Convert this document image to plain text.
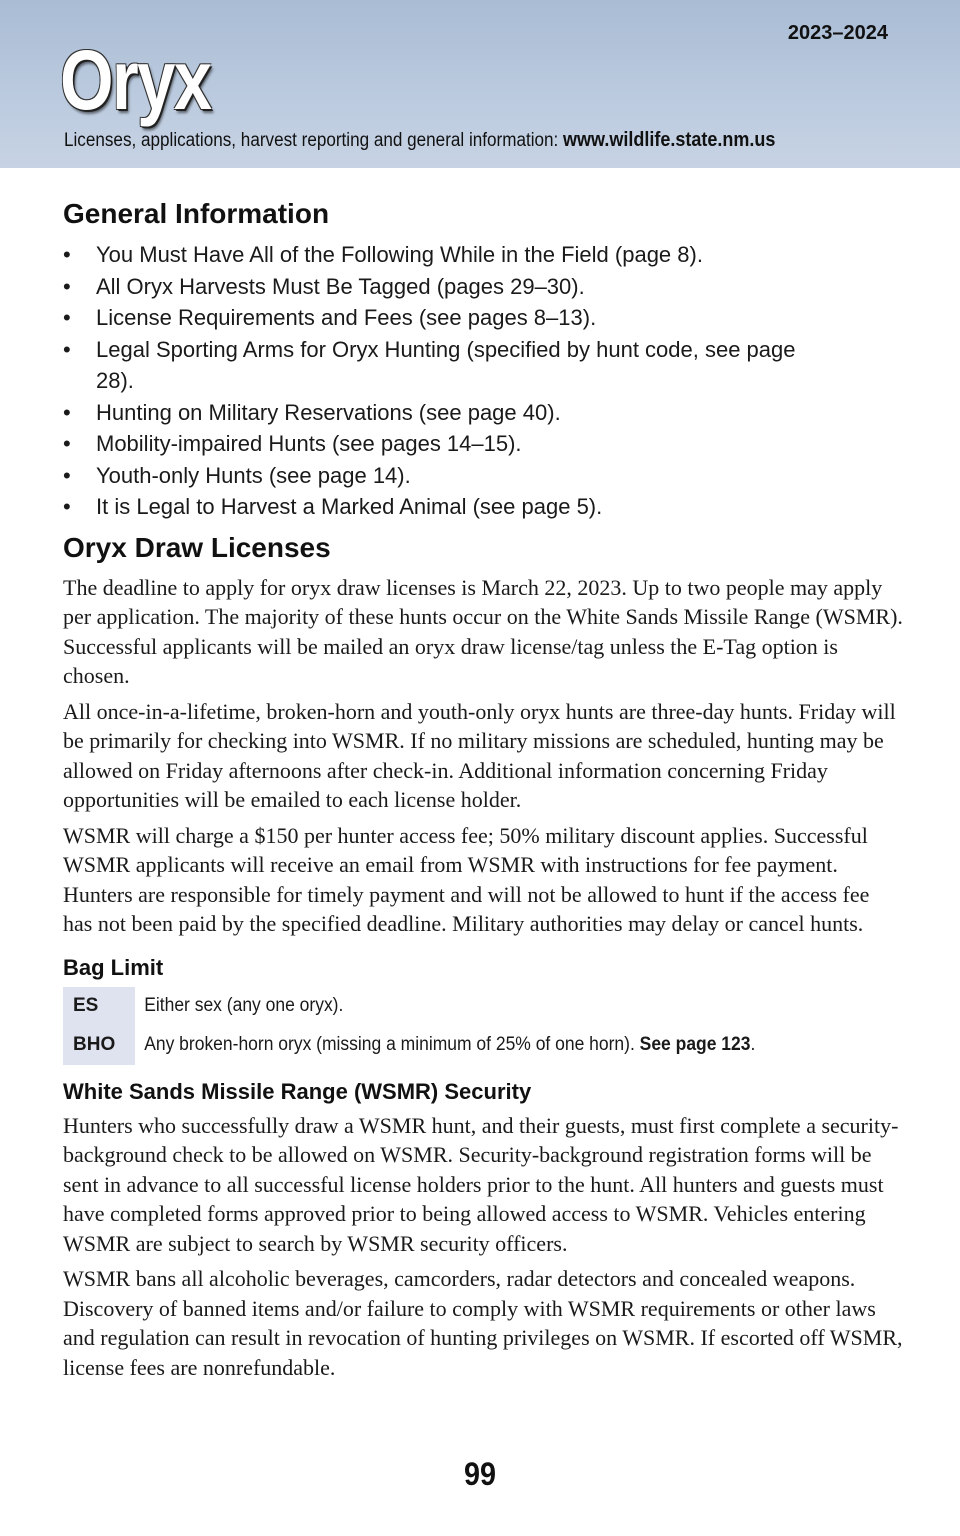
2023–2024
Oryx
Licenses, applications, harvest reporting and general information: www.wildlife.state.nm.us
General Information
• You Must Have All of the Following While in the Field (page 8).
• All Oryx Harvests Must Be Tagged (pages 29–30).
• License Requirements and Fees (see pages 8–13).
• Legal Sporting Arms for Oryx Hunting (specified by hunt code, see page 28).
• Hunting on Military Reservations (see page 40).
• Mobility-impaired Hunts (see pages 14–15).
• Youth-only Hunts (see page 14).
• It is Legal to Harvest a Marked Animal (see page 5).
Oryx Draw Licenses

The deadline to apply for oryx draw licenses is March 22, 2023. Up to two people may apply per application. The majority of these hunts occur on the White Sands Missile Range (WSMR). Successful applicants will be mailed an oryx draw license/tag unless the E-Tag option is chosen.

All once-in-a-lifetime, broken-horn and youth-only oryx hunts are three-day hunts. Friday will be primarily for checking into WSMR. If no military missions are scheduled, hunting may be allowed on Friday afternoons after check-in. Additional information concerning Friday opportunities will be emailed to each license holder.

WSMR will charge a $150 per hunter access fee; 50% military discount applies. Successful WSMR applicants will receive an email from WSMR with instructions for fee payment. Hunters are responsible for timely payment and will not be allowed to hunt if the access fee has not been paid by the specified deadline. Military authorities may delay or cancel hunts.

Bag Limit
ES	Either sex (any one oryx).
BHO	Any broken-horn oryx (missing a minimum of 25% of one horn). See page 123.
White Sands Missile Range (WSMR) Security

Hunters who successfully draw a WSMR hunt, and their guests, must first complete a security-background check to be allowed on WSMR. Security-background registration forms will be sent in advance to all successful license holders prior to the hunt. All hunters and guests must have completed forms approved prior to being allowed access to WSMR. Vehicles entering WSMR are subject to search by WSMR security officers.

WSMR bans all alcoholic beverages, camcorders, radar detectors and concealed weapons. Discovery of banned items and/or failure to comply with WSMR requirements or other laws and regulation can result in revocation of hunting privileges on WSMR. If escorted off WSMR, license fees are nonrefundable.

99
